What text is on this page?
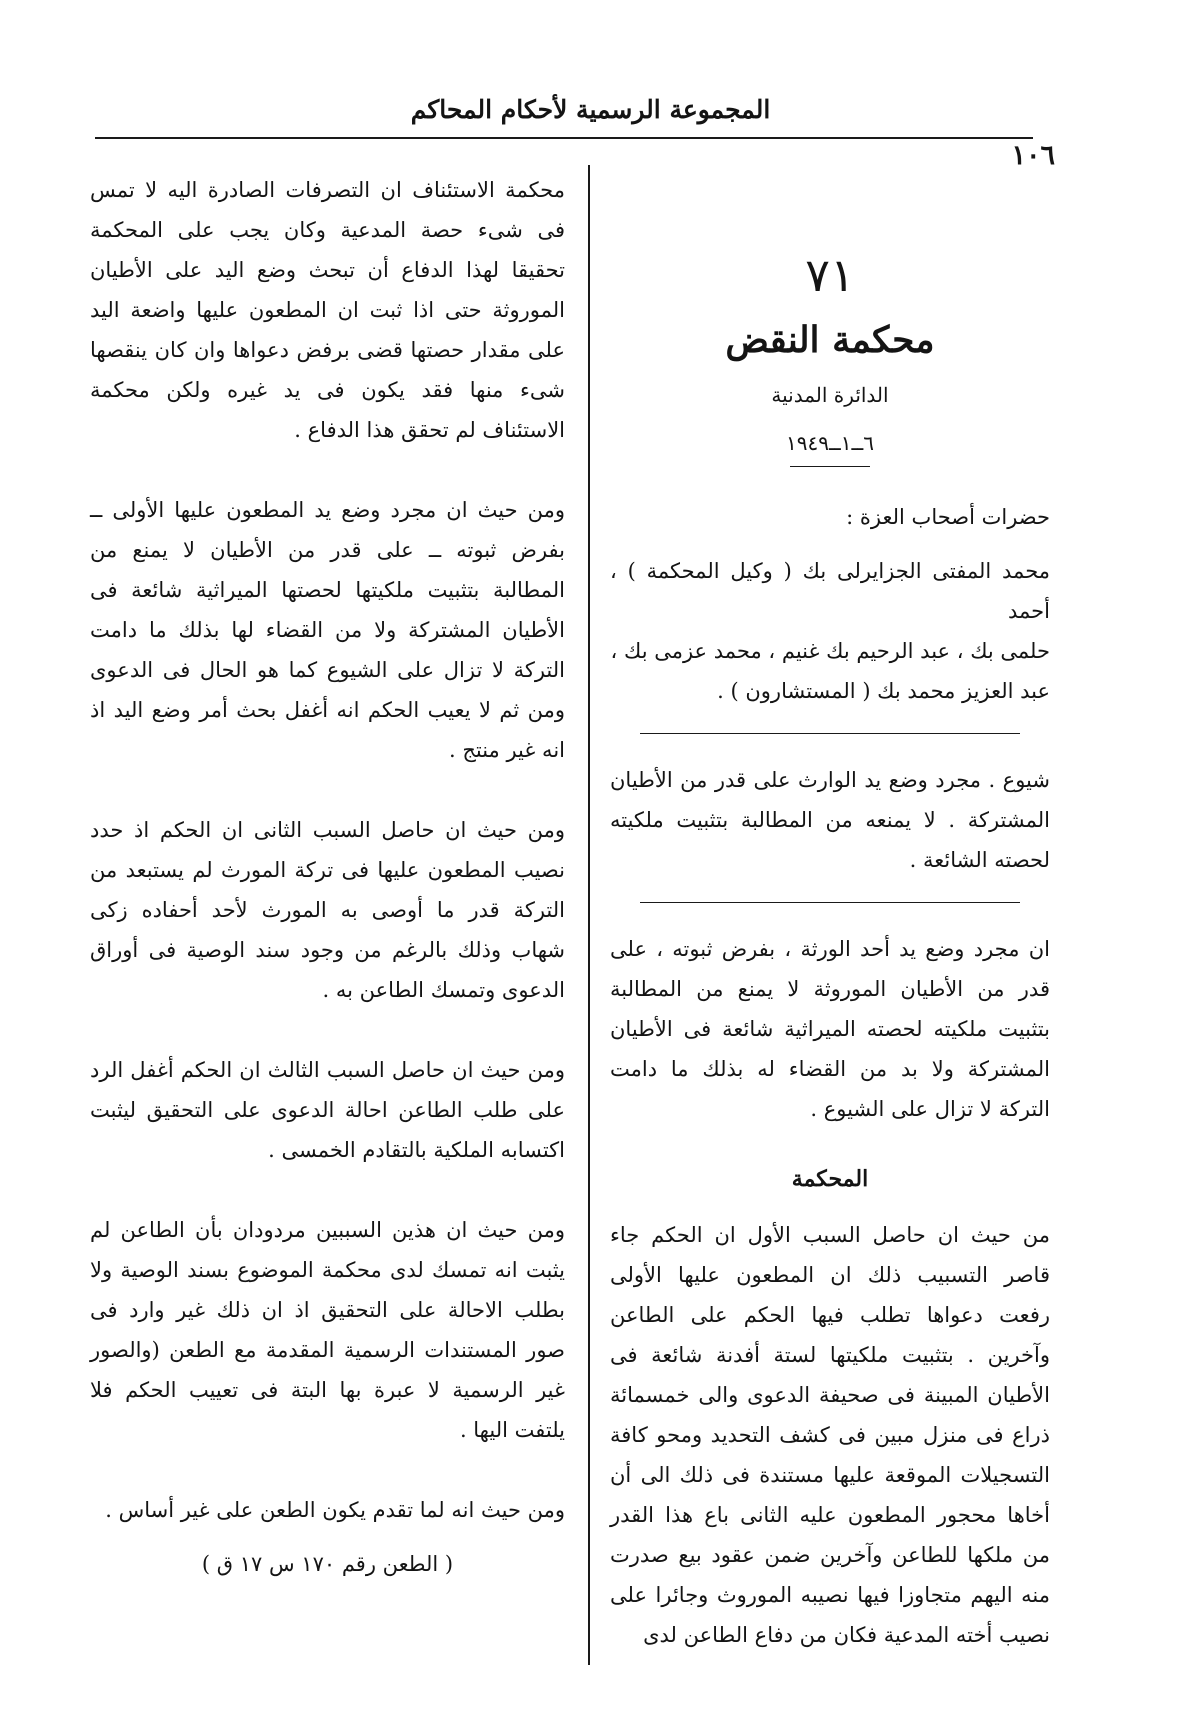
المجموعة الرسمية لأحكام المحاكم
١٠٦
٧١
محكمة النقض
الدائرة المدنية
٦ــ١ــ١٩٤٩

حضرات أصحاب العزة :

محمد المفتى الجزايرلى بك ( وكيل المحكمة ) ، أحمد

حلمى بك ، عبد الرحيم بك غنيم ، محمد عزمى بك ،

عبد العزيز محمد بك ( المستشارون ) .

شيوع . مجرد وضع يد الوارث على قدر من الأطيان المشتركة . لا يمنعه من المطالبة بتثبيت ملكيته لحصته الشائعة .

ان مجرد وضع يد أحد الورثة ، بفرض ثبوته ، على قدر من الأطيان الموروثة لا يمنع من المطالبة بتثبيت ملكيته لحصته الميراثية شائعة فى الأطيان المشتركة ولا بد من القضاء له بذلك ما دامت التركة لا تزال على الشيوع .

المحكمة

من حيث ان حاصل السبب الأول ان الحكم جاء قاصر التسبيب ذلك ان المطعون عليها الأولى رفعت دعواها تطلب فيها الحكم على الطاعن وآخرين . بتثبيت ملكيتها لستة أفدنة شائعة فى الأطيان المبينة فى صحيفة الدعوى والى خمسمائة ذراع فى منزل مبين فى كشف التحديد ومحو كافة التسجيلات الموقعة عليها مستندة فى ذلك الى أن أخاها محجور المطعون عليه الثانى باع هذا القدر من ملكها للطاعن وآخرين ضمن عقود بيع صدرت منه اليهم متجاوزا فيها نصيبه الموروث وجائرا على نصيب أخته المدعية فكان من دفاع الطاعن لدى

محكمة الاستئناف ان التصرفات الصادرة اليه لا تمس فى شىء حصة المدعية وكان يجب على المحكمة تحقيقا لهذا الدفاع أن تبحث وضع اليد على الأطيان الموروثة حتى اذا ثبت ان المطعون عليها واضعة اليد على مقدار حصتها قضى برفض دعواها وان كان ينقصها شىء منها فقد يكون فى يد غيره ولكن محكمة الاستئناف لم تحقق هذا الدفاع .

ومن حيث ان مجرد وضع يد المطعون عليها الأولى ــ بفرض ثبوته ــ على قدر من الأطيان لا يمنع من المطالبة بتثبيت ملكيتها لحصتها الميراثية شائعة فى الأطيان المشتركة ولا من القضاء لها بذلك ما دامت التركة لا تزال على الشيوع كما هو الحال فى الدعوى ومن ثم لا يعيب الحكم انه أغفل بحث أمر وضع اليد اذ انه غير منتج .

ومن حيث ان حاصل السبب الثانى ان الحكم اذ حدد نصيب المطعون عليها فى تركة المورث لم يستبعد من التركة قدر ما أوصى به المورث لأحد أحفاده زكى شهاب وذلك بالرغم من وجود سند الوصية فى أوراق الدعوى وتمسك الطاعن به .

ومن حيث ان حاصل السبب الثالث ان الحكم أغفل الرد على طلب الطاعن احالة الدعوى على التحقيق ليثبت اكتسابه الملكية بالتقادم الخمسى .

ومن حيث ان هذين السببين مردودان بأن الطاعن لم يثبت انه تمسك لدى محكمة الموضوع بسند الوصية ولا بطلب الاحالة على التحقيق اذ ان ذلك غير وارد فى صور المستندات الرسمية المقدمة مع الطعن (والصور غير الرسمية لا عبرة بها البتة فى تعييب الحكم فلا يلتفت اليها .

ومن حيث انه لما تقدم يكون الطعن على غير أساس .

( الطعن رقم ١٧٠ س ١٧ ق )
